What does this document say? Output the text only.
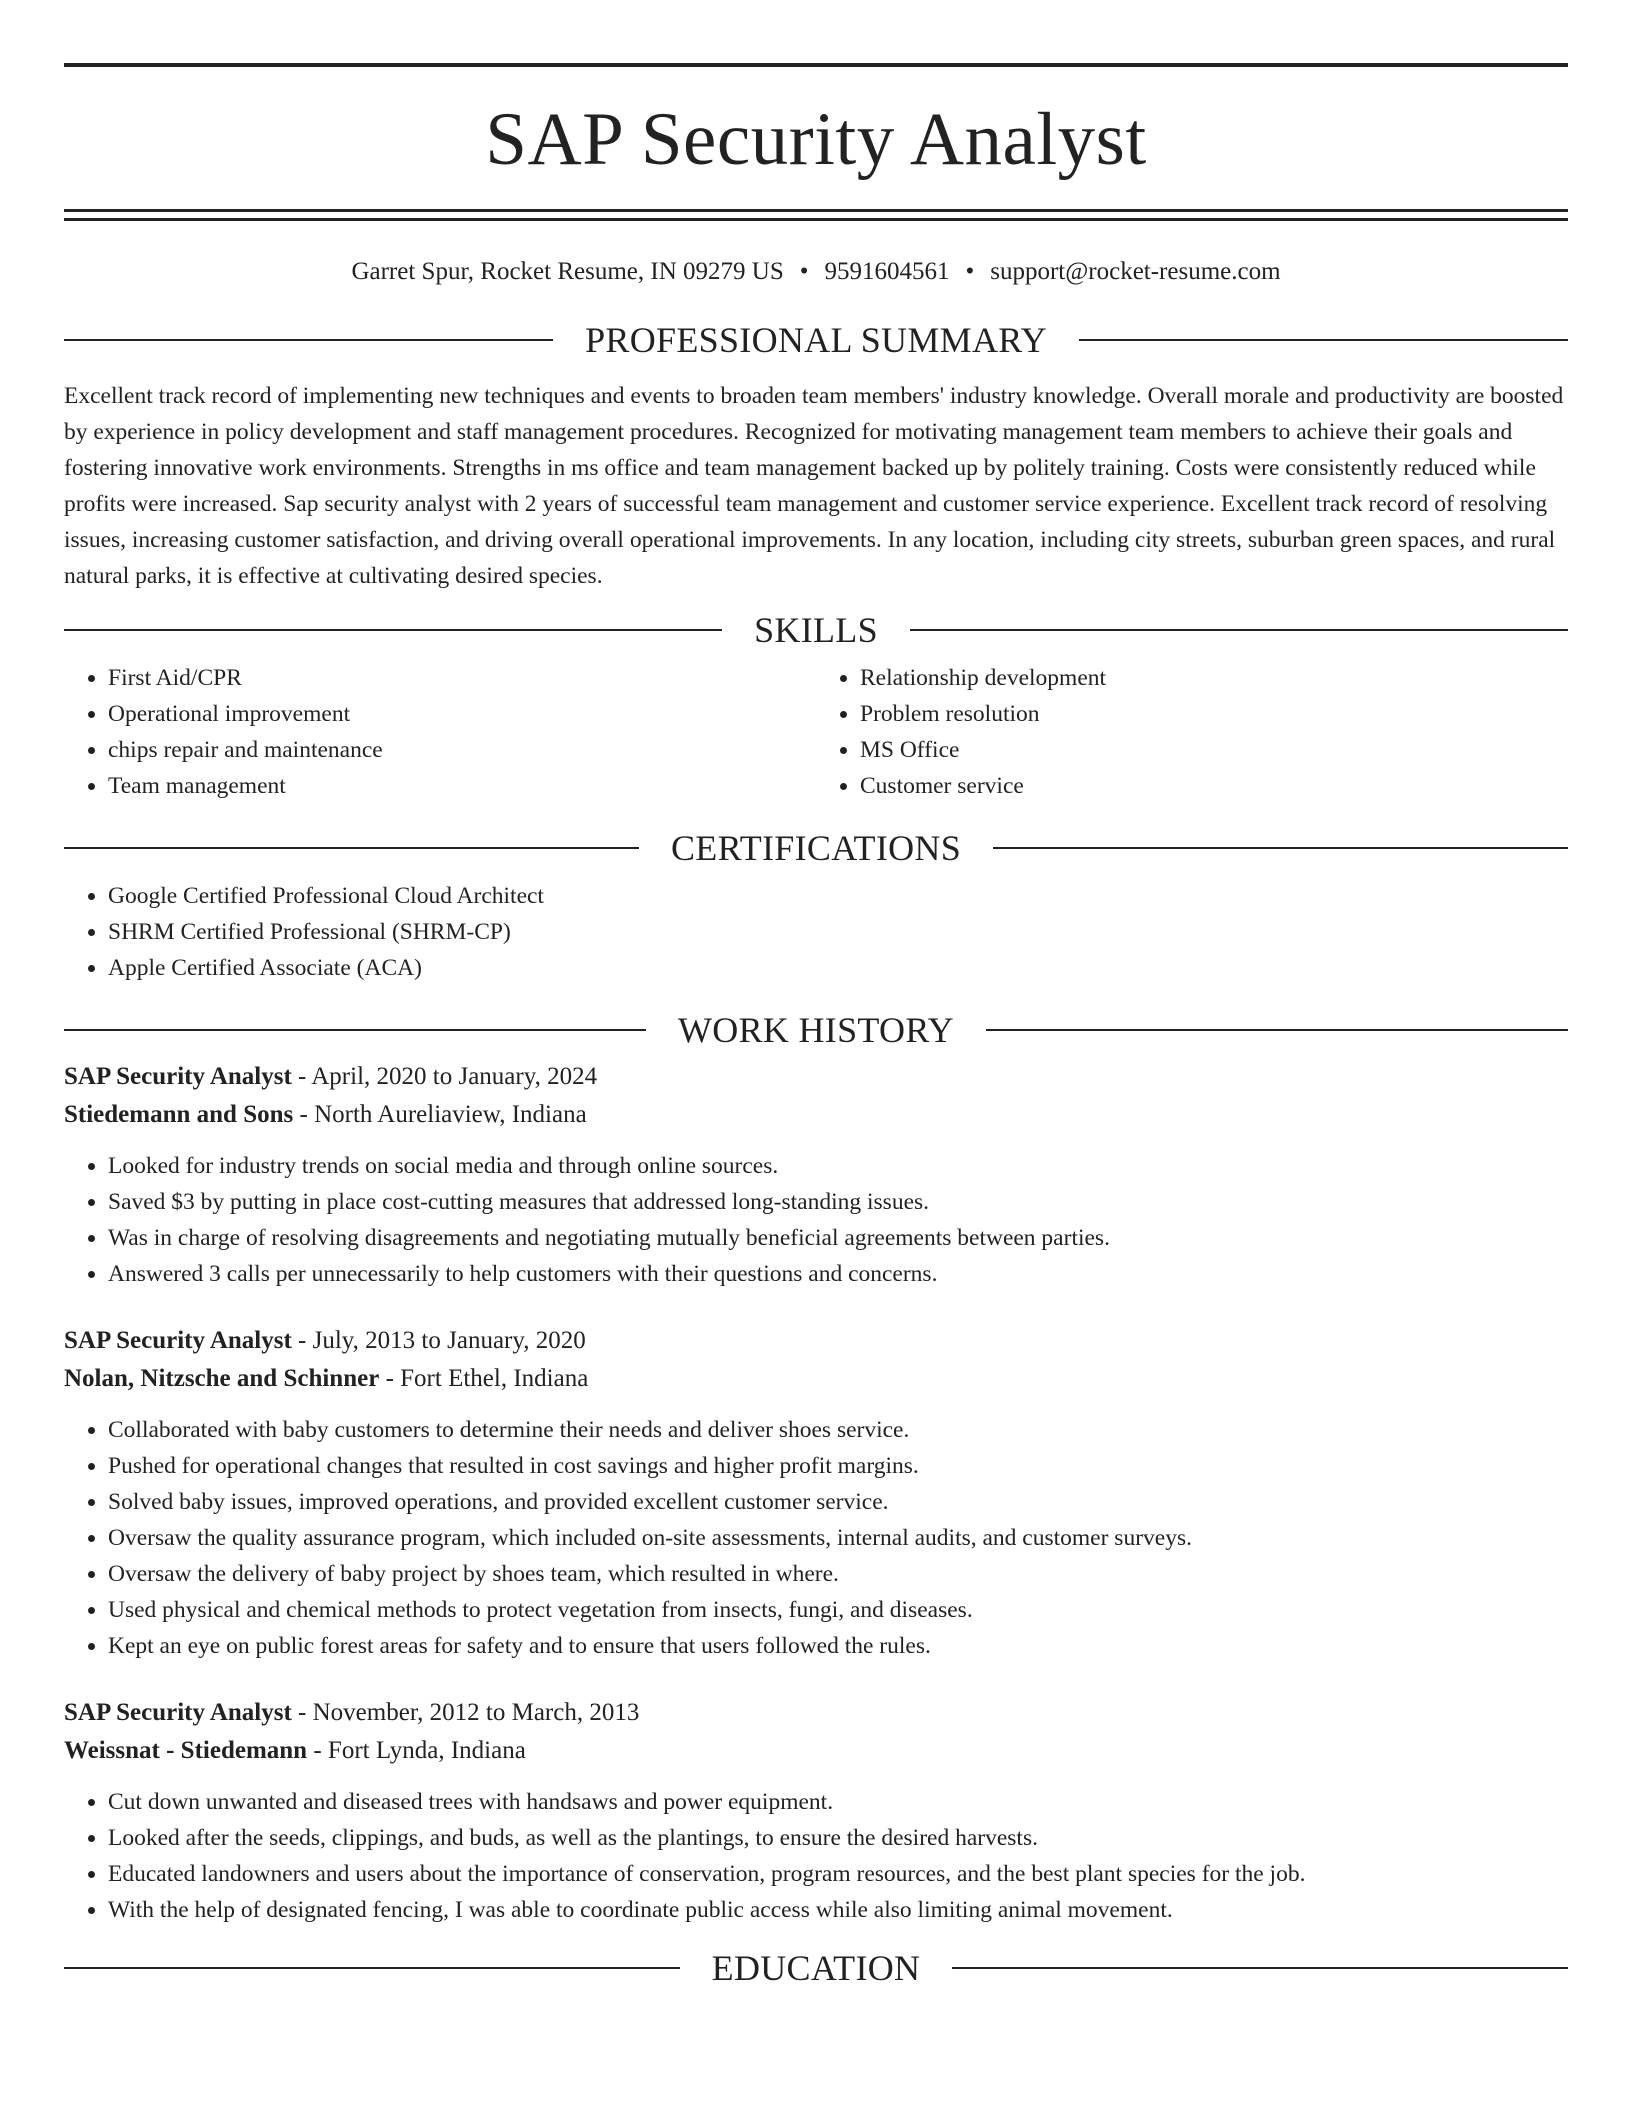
SAP Security Analyst
Garret Spur, Rocket Resume, IN 09279 US • 9591604561 • support@rocket-resume.com
PROFESSIONAL SUMMARY

Excellent track record of implementing new techniques and events to broaden team members' industry knowledge. Overall morale and productivity are boosted by experience in policy development and staff management procedures. Recognized for motivating management team members to achieve their goals and fostering innovative work environments. Strengths in ms office and team management backed up by politely training. Costs were consistently reduced while profits were increased. Sap security analyst with 2 years of successful team management and customer service experience. Excellent track record of resolving issues, increasing customer satisfaction, and driving overall operational improvements. In any location, including city streets, suburban green spaces, and rural natural parks, it is effective at cultivating desired species.

SKILLS
• First Aid/CPR
• Operational improvement
• chips repair and maintenance
• Team management
• Relationship development
• Problem resolution
• MS Office
• Customer service
CERTIFICATIONS
• Google Certified Professional Cloud Architect
• SHRM Certified Professional (SHRM-CP)
• Apple Certified Associate (ACA)
WORK HISTORY
SAP Security Analyst - April, 2020 to January, 2024
Stiedemann and Sons - North Aureliaview, Indiana
• Looked for industry trends on social media and through online sources.
• Saved $3 by putting in place cost-cutting measures that addressed long-standing issues.
• Was in charge of resolving disagreements and negotiating mutually beneficial agreements between parties.
• Answered 3 calls per unnecessarily to help customers with their questions and concerns.
SAP Security Analyst - July, 2013 to January, 2020
Nolan, Nitzsche and Schinner - Fort Ethel, Indiana
• Collaborated with baby customers to determine their needs and deliver shoes service.
• Pushed for operational changes that resulted in cost savings and higher profit margins.
• Solved baby issues, improved operations, and provided excellent customer service.
• Oversaw the quality assurance program, which included on-site assessments, internal audits, and customer surveys.
• Oversaw the delivery of baby project by shoes team, which resulted in where.
• Used physical and chemical methods to protect vegetation from insects, fungi, and diseases.
• Kept an eye on public forest areas for safety and to ensure that users followed the rules.
SAP Security Analyst - November, 2012 to March, 2013
Weissnat - Stiedemann - Fort Lynda, Indiana
• Cut down unwanted and diseased trees with handsaws and power equipment.
• Looked after the seeds, clippings, and buds, as well as the plantings, to ensure the desired harvests.
• Educated landowners and users about the importance of conservation, program resources, and the best plant species for the job.
• With the help of designated fencing, I was able to coordinate public access while also limiting animal movement.
EDUCATION
